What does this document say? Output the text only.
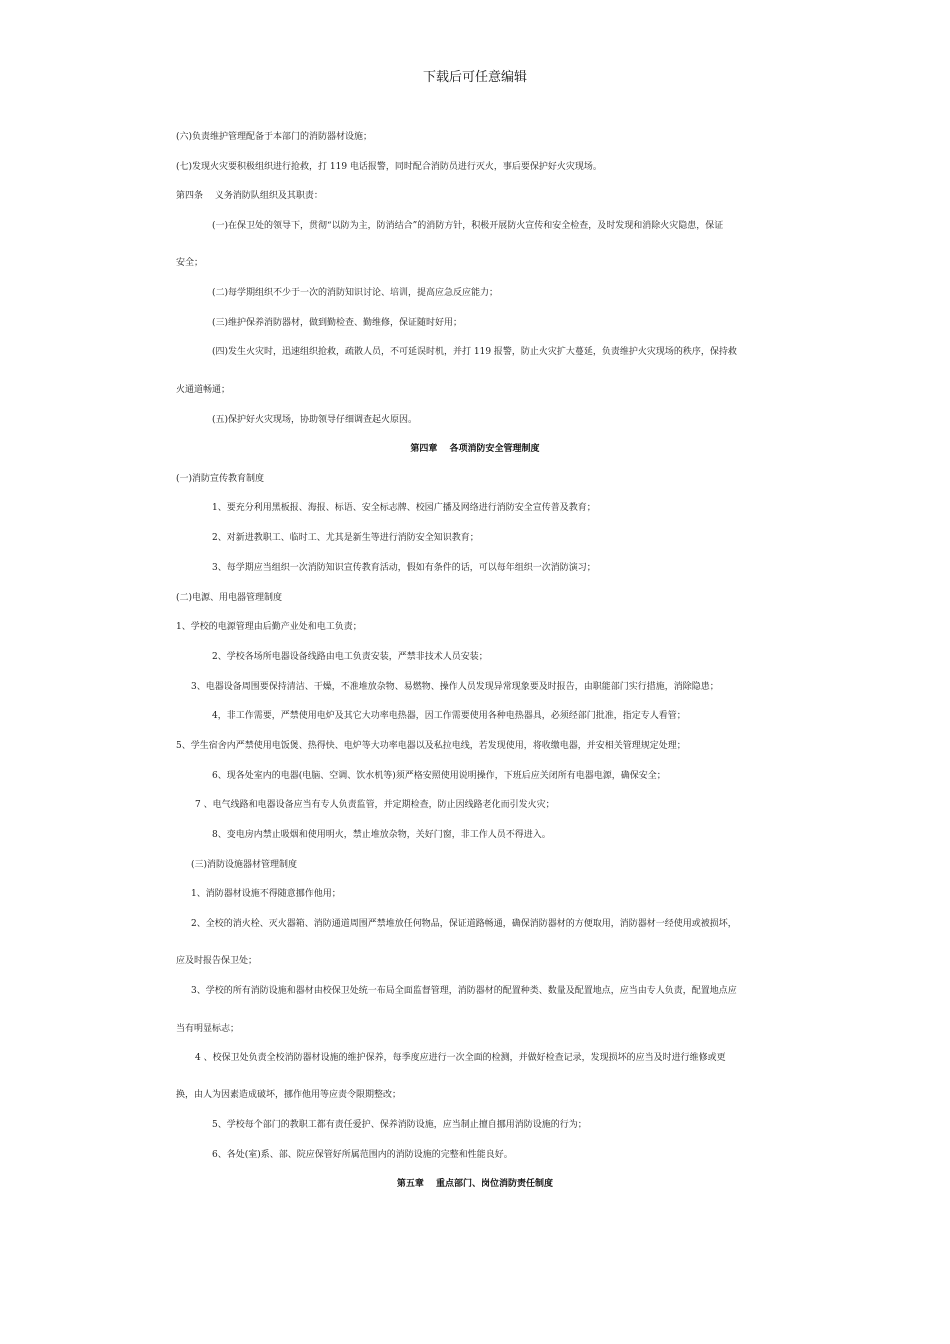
下载后可任意编辑
(六)负责维护管理配备于本部门的消防器材设施；
(七)发现火灾要积极组织进行抢救，打 119 电话报警，同时配合消防员进行灭火，事后要保护好火灾现场。
第四条　 义务消防队组织及其职责：
(一)在保卫处的领导下，贯彻“以防为主，防消结合”的消防方针，积极开展防火宣传和安全检查，及时发现和消除火灾隐患，保证
安全；
(二)每学期组织不少于一次的消防知识讨论、培训，提高应急反应能力；
(三)维护保养消防器材，做到勤检查、勤维修，保证随时好用；
(四)发生火灾时，迅速组织抢救，疏散人员，不可延误时机，并打 119 报警，防止火灾扩大蔓延，负责维护火灾现场的秩序，保持救
火通道畅通；
(五)保护好火灾现场，协助领导仔细调查起火原因。
第四章　 各项消防安全管理制度
(一)消防宣传教育制度
1、要充分利用黑板报、海报、标语、安全标志牌、校园广播及网络进行消防安全宣传普及教育；
2、对新进教职工、临时工、尤其是新生等进行消防安全知识教育；
3、每学期应当组织一次消防知识宣传教育活动，假如有条件的话，可以每年组织一次消防演习；
(二)电源、用电器管理制度
1、学校的电源管理由后勤产业处和电工负责；
2、学校各场所电器设备线路由电工负责安装，严禁非技术人员安装；
3、电器设备周围要保持清洁、干燥，不准堆放杂物、易燃物、操作人员发现异常现象要及时报告，由职能部门实行措施，消除隐患；
4，非工作需要，严禁使用电炉及其它大功率电热器，因工作需要使用各种电热器具，必须经部门批准，指定专人看管；
5、学生宿舍内严禁使用电饭煲、热得快、电炉等大功率电器以及私拉电线，若发现使用，将收缴电器，并安相关管理规定处理；
6、现各处室内的电器(电脑、空调、饮水机等)须严格安照使用说明操作，下班后应关闭所有电器电源，确保安全；
7 、电气线路和电器设备应当有专人负责监管，并定期检查，防止因线路老化而引发火灾；
8、变电房内禁止吸烟和使用明火，禁止堆放杂物，关好门窗，非工作人员不得进入。
(三)消防设施器材管理制度
1、消防器材设施不得随意挪作他用；
2、全校的消火栓、灭火器箱、消防通道周围严禁堆放任何物品，保证道路畅通，确保消防器材的方便取用，消防器材一经使用或被损坏，
应及时报告保卫处；
3、学校的所有消防设施和器材由校保卫处统一布局全面监督管理，消防器材的配置种类、数量及配置地点，应当由专人负责，配置地点应
当有明显标志；
4 、校保卫处负责全校消防器材设施的维护保养，每季度应进行一次全面的检测，并做好检查记录，发现损坏的应当及时进行维修或更
换，由人为因素造成破坏，挪作他用等应责令限期整改；
5、学校每个部门的教职工都有责任爱护、保养消防设施，应当制止擅自挪用消防设施的行为；
6、各处(室)系、部、院应保管好所属范围内的消防设施的完整和性能良好。
第五章　 重点部门、岗位消防责任制度
